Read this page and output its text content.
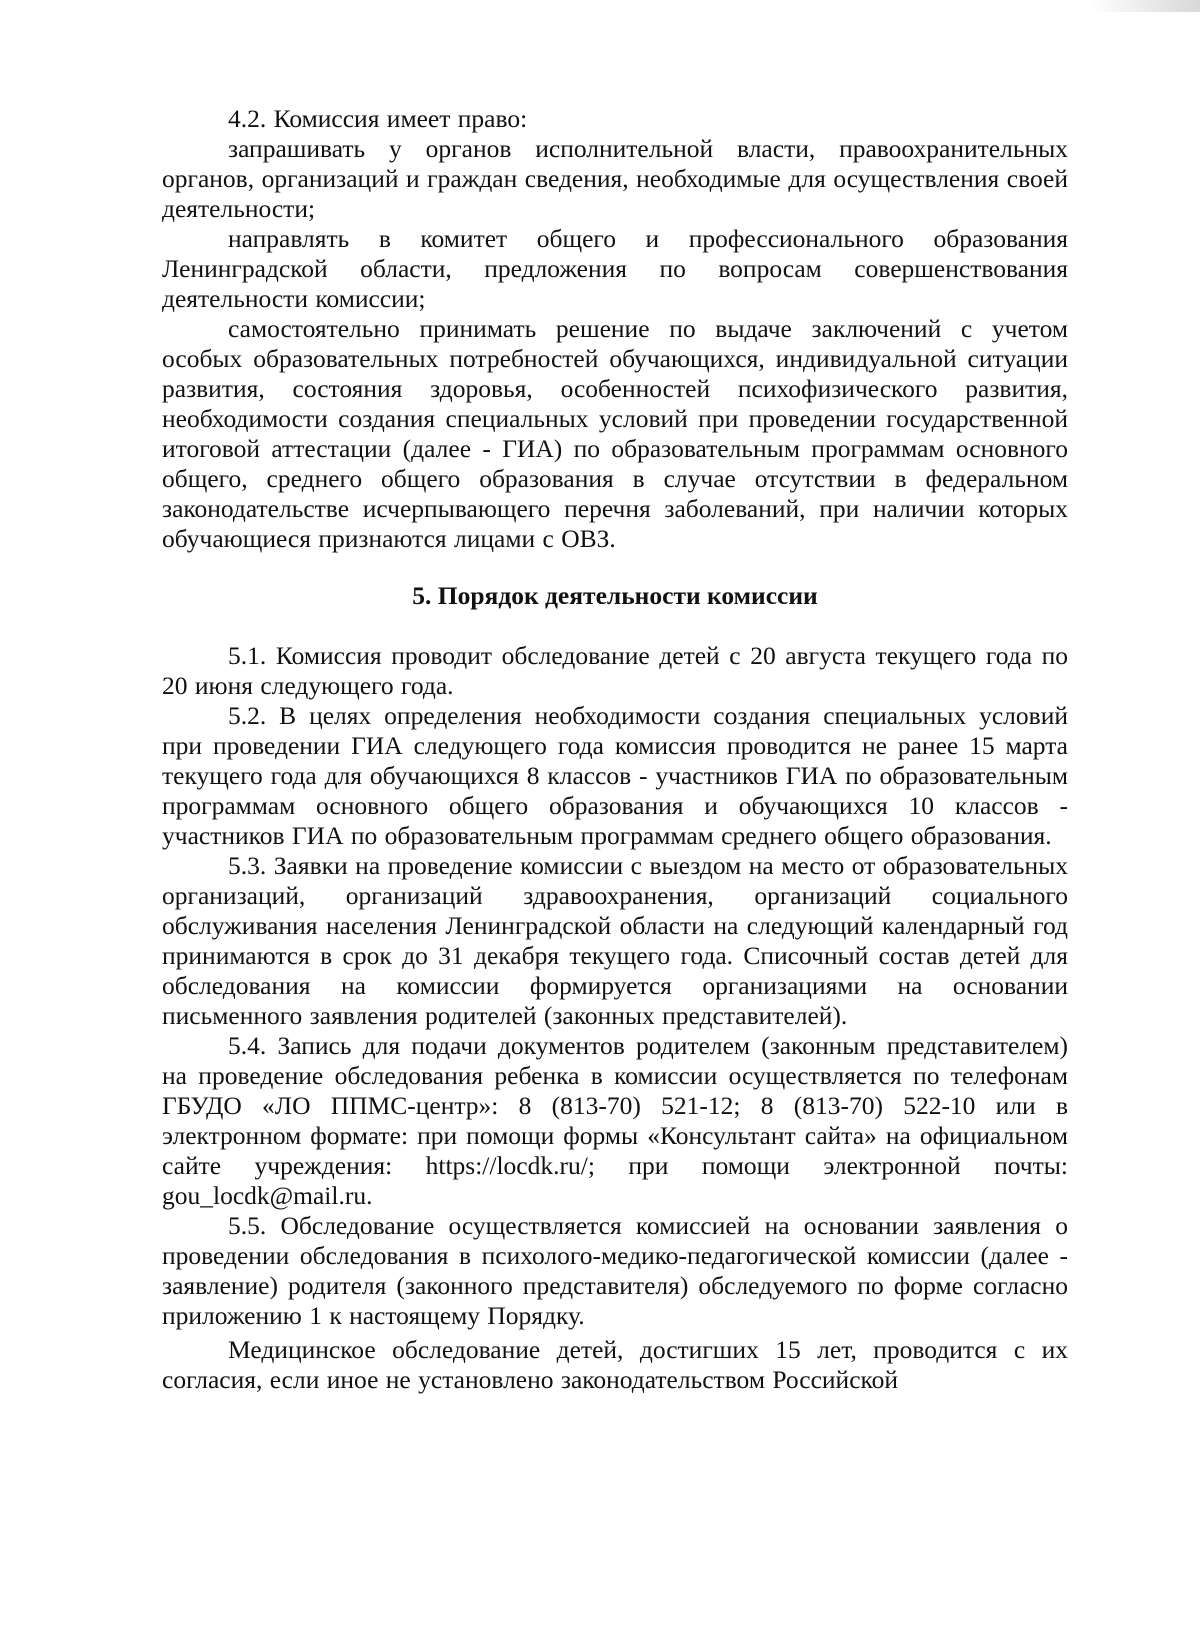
4.2. Комиссия имеет право:

запрашивать у органов исполнительной власти, правоохранительных органов, организаций и граждан сведения, необходимые для осуществления своей деятельности;

направлять в комитет общего и профессионального образования Ленинградской области, предложения по вопросам совершенствования деятельности комиссии;

самостоятельно принимать решение по выдаче заключений с учетом особых образовательных потребностей обучающихся, индивидуальной ситуации развития, состояния здоровья, особенностей психофизического развития, необходимости создания специальных условий при проведении государственной итоговой аттестации (далее - ГИА) по образовательным программам основного общего, среднего общего образования в случае отсутствии в федеральном законодательстве исчерпывающего перечня заболеваний, при наличии которых обучающиеся признаются лицами с ОВЗ.

5. Порядок деятельности комиссии

5.1. Комиссия проводит обследование детей с 20 августа текущего года по 20 июня следующего года.

5.2. В целях определения необходимости создания специальных условий при проведении ГИА следующего года комиссия проводится не ранее 15 марта текущего года для обучающихся 8 классов - участников ГИА по образовательным программам основного общего образования и обучающихся 10 классов - участников ГИА по образовательным программам среднего общего образования.

5.3. Заявки на проведение комиссии с выездом на место от образовательных организаций, организаций здравоохранения, организаций социального обслуживания населения Ленинградской области на следующий календарный год принимаются в срок до 31 декабря текущего года. Списочный состав детей для обследования на комиссии формируется организациями на основании письменного заявления родителей (законных представителей).

5.4. Запись для подачи документов родителем (законным представителем) на проведение обследования ребенка в комиссии осуществляется по телефонам ГБУДО «ЛО ППМС-центр»: 8 (813-70) 521-12; 8 (813-70) 522-10 или в электронном формате: при помощи формы «Консультант сайта» на официальном сайте учреждения: https://locdk.ru/; при помощи электронной почты: gou_locdk@mail.ru.

5.5. Обследование осуществляется комиссией на основании заявления о проведении обследования в психолого-медико-педагогической комиссии (далее - заявление) родителя (законного представителя) обследуемого по форме согласно приложению 1 к настоящему Порядку.

Медицинское обследование детей, достигших 15 лет, проводится с их согласия, если иное не установлено законодательством Российской
